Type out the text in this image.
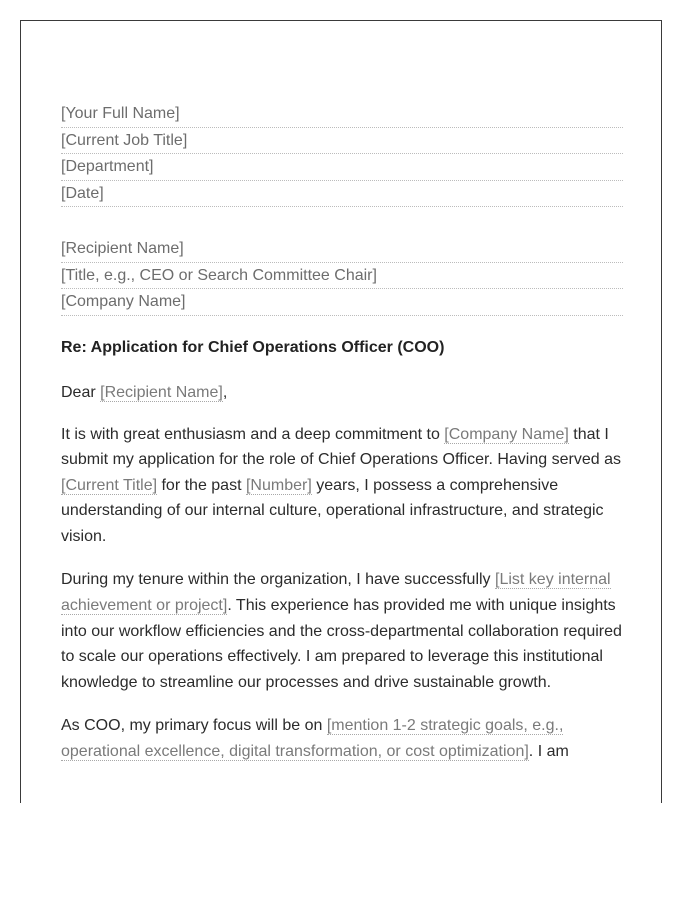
[Your Full Name]
[Current Job Title]
[Department]
[Date]
[Recipient Name]
[Title, e.g., CEO or Search Committee Chair]
[Company Name]
Re: Application for Chief Operations Officer (COO)
Dear [Recipient Name],

It is with great enthusiasm and a deep commitment to [Company Name] that I submit my application for the role of Chief Operations Officer. Having served as [Current Title] for the past [Number] years, I possess a comprehensive understanding of our internal culture, operational infrastructure, and strategic vision.

During my tenure within the organization, I have successfully [List key internal achievement or project]. This experience has provided me with unique insights into our workflow efficiencies and the cross-departmental collaboration required to scale our operations effectively. I am prepared to leverage this institutional knowledge to streamline our processes and drive sustainable growth.

As COO, my primary focus will be on [mention 1-2 strategic goals, e.g., operational excellence, digital transformation, or cost optimization]. I am
